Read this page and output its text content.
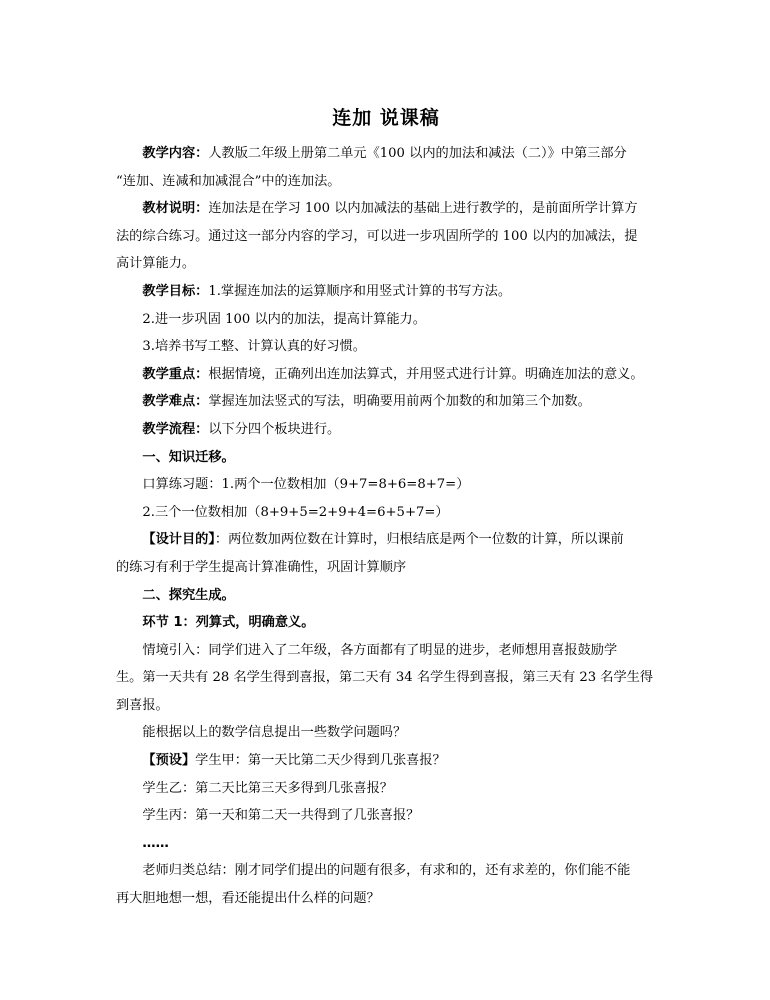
连加 说课稿

教学内容：人教版二年级上册第二单元《100 以内的加法和减法（二）》中第三部分

“连加、连减和加减混合”中的连加法。

教材说明：连加法是在学习 100 以内加减法的基础上进行教学的，是前面所学计算方

法的综合练习。通过这一部分内容的学习，可以进一步巩固所学的 100 以内的加减法，提

高计算能力。

教学目标：1.掌握连加法的运算顺序和用竖式计算的书写方法。

2.进一步巩固 100 以内的加法，提高计算能力。

3.培养书写工整、计算认真的好习惯。

教学重点：根据情境，正确列出连加法算式，并用竖式进行计算。明确连加法的意义。

教学难点：掌握连加法竖式的写法，明确要用前两个加数的和加第三个加数。

教学流程：以下分四个板块进行。

一、知识迁移。

口算练习题：1.两个一位数相加（9+7=8+6=8+7=）

2.三个一位数相加（8+9+5=2+9+4=6+5+7=）

【设计目的】：两位数加两位数在计算时，归根结底是两个一位数的计算，所以课前

的练习有利于学生提高计算准确性，巩固计算顺序

二、探究生成。

环节 1：列算式，明确意义。

情境引入：同学们进入了二年级，各方面都有了明显的进步，老师想用喜报鼓励学

生。第一天共有 28 名学生得到喜报，第二天有 34 名学生得到喜报，第三天有 23 名学生得

到喜报。

能根据以上的数学信息提出一些数学问题吗？

【预设】学生甲：第一天比第二天少得到几张喜报？

学生乙：第二天比第三天多得到几张喜报？

学生丙：第一天和第二天一共得到了几张喜报？

……

老师归类总结：刚才同学们提出的问题有很多，有求和的，还有求差的，你们能不能

再大胆地想一想，看还能提出什么样的问题？
